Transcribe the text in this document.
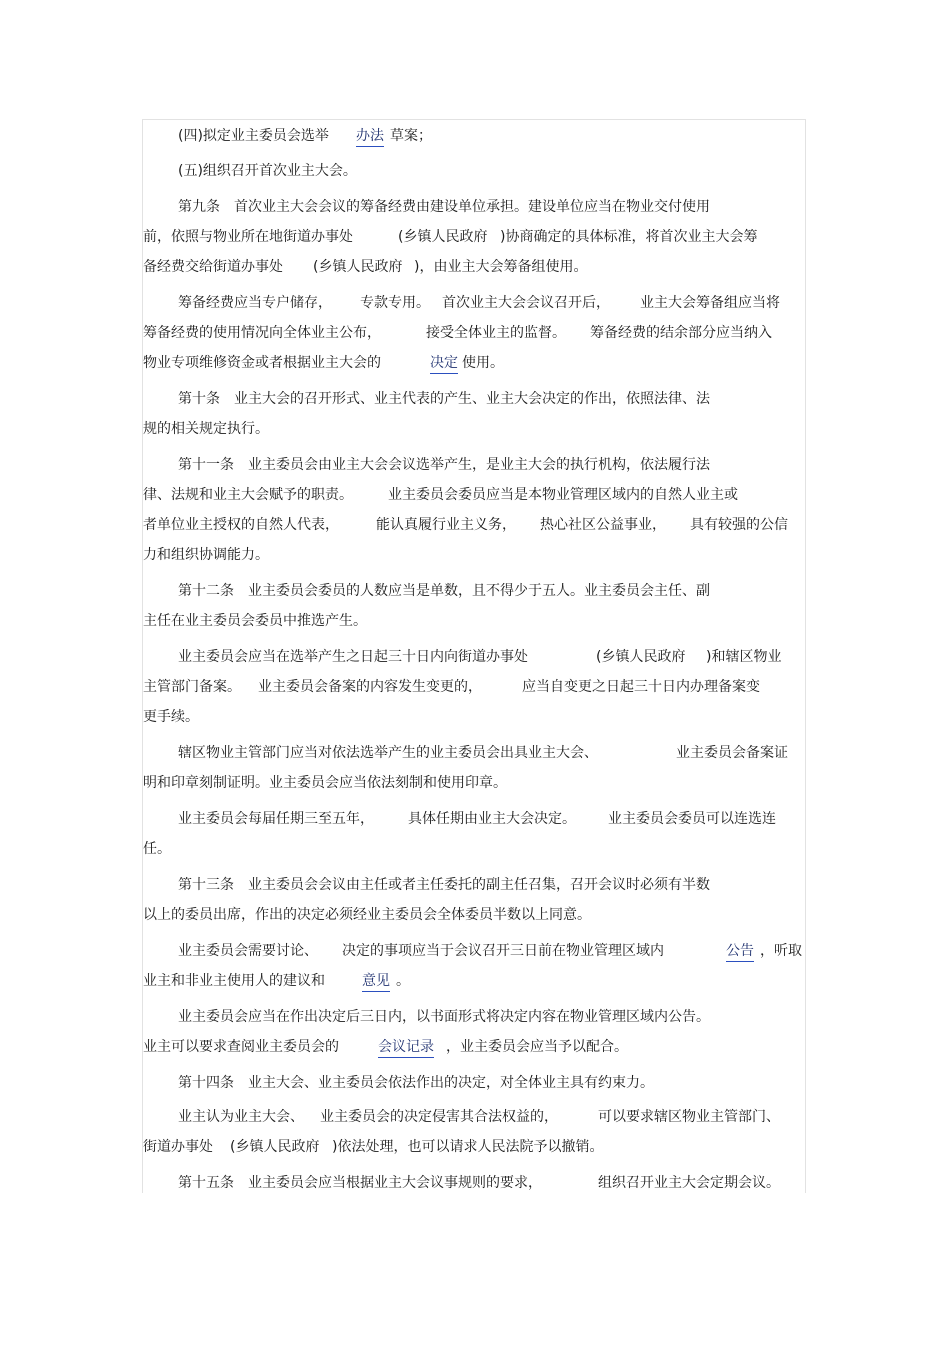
(四)拟定业主委员会选举 办法 草案；
(五)组织召开首次业主大会。
第九条　首次业主大会会议的筹备经费由建设单位承担。建设单位应当在物业交付使用
前，依照与物业所在地街道办事处	(乡镇人民政府 )协商确定的具体标准，将首次业主大会筹
备经费交给街道办事处 (乡镇人民政府 )，由业主大会筹备组使用。
筹备经费应当专户储存， 专款专用。 首次业主大会会议召开后， 业主大会筹备组应当将
筹备经费的使用情况向全体业主公布，	接受全体业主的监督。 筹备经费的结余部分应当纳入
物业专项维修资金或者根据业主大会的	决定 使用。
第十条　业主大会的召开形式、业主代表的产生、业主大会决定的作出，依照法律、法
规的相关规定执行。
第十一条　业主委员会由业主大会会议选举产生，是业主大会的执行机构，依法履行法
律、法规和业主大会赋予的职责。	业主委员会委员应当是本物业管理区域内的自然人业主或
者单位业主授权的自然人代表，	能认真履行业主义务， 热心社区公益事业， 具有较强的公信
力和组织协调能力。
第十二条　业主委员会委员的人数应当是单数，且不得少于五人。业主委员会主任、副
主任在业主委员会委员中推选产生。
业主委员会应当在选举产生之日起三十日内向街道办事处	(乡镇人民政府 )和辖区物业
主管部门备案。 业主委员会备案的内容发生变更的，	应当自变更之日起三十日内办理备案变
更手续。
辖区物业主管部门应当对依法选举产生的业主委员会出具业主大会、	业主委员会备案证
明和印章刻制证明。业主委员会应当依法刻制和使用印章。
业主委员会每届任期三至五年， 具体任期由业主大会决定。 业主委员会委员可以连选连
任。
第十三条　业主委员会会议由主任或者主任委托的副主任召集，召开会议时必须有半数
以上的委员出席，作出的决定必须经业主委员会全体委员半数以上同意。
业主委员会需要讨论、 决定的事项应当于会议召开三日前在物业管理区域内	公告 ，听取
业主和非业主使用人的建议和	意见 。
业主委员会应当在作出决定后三日内，以书面形式将决定内容在物业管理区域内公告。
业主可以要求查阅业主委员会的	会议记录 ，业主委员会应当予以配合。
第十四条　业主大会、业主委员会依法作出的决定，对全体业主具有约束力。
业主认为业主大会、 业主委员会的决定侵害其合法权益的，	可以要求辖区物业主管部门、
街道办事处 (乡镇人民政府 )依法处理，也可以请求人民法院予以撤销。
第十五条　业主委员会应当根据业主大会议事规则的要求，	组织召开业主大会定期会议。
